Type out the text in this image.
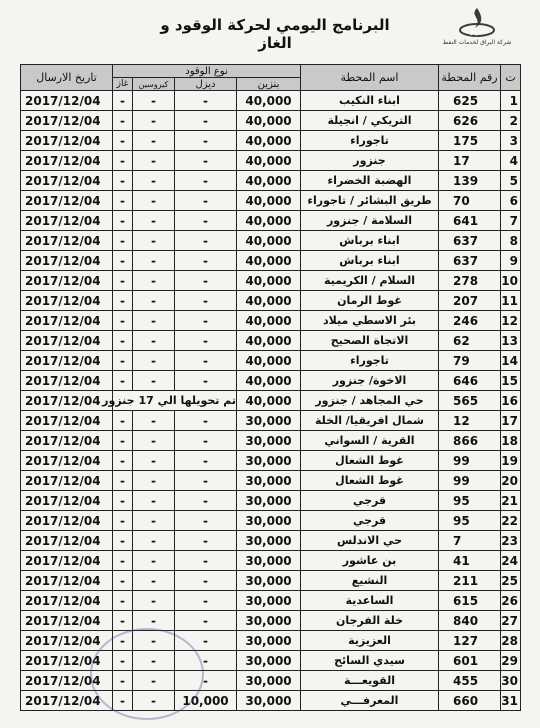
البراق
شركة البراق لخدمات النفط
البرنامج اليومي لحركة الوقود و الغاز
ت	رقم المحطة	اسم المحطة	نوع الوقود				تاريخ الارسال
			بنزين	ديزل	كيروسين	غاز	
1	625	ابناء النكيب	40,000	-	-	-	2017/12/04
2	626	التريكي / انجيلة	40,000	-	-	-	2017/12/04
3	175	تاجوراء	40,000	-	-	-	2017/12/04
4	17	جنزور	40,000	-	-	-	2017/12/04
5	139	الهضبة الخضراء	40,000	-	-	-	2017/12/04
6	70	طريق البشائر / تاجوراء	40,000	-	-	-	2017/12/04
7	641	السلامة / جنزور	40,000	-	-	-	2017/12/04
8	637	ابناء برباش	40,000	-	-	-	2017/12/04
9	637	ابناء برباش	40,000	-	-	-	2017/12/04
10	278	السلام / الكريمية	40,000	-	-	-	2017/12/04
11	207	غوط الرمان	40,000	-	-	-	2017/12/04
12	246	بئر الاسطي ميلاد	40,000	-	-	-	2017/12/04
13	62	الاتجاة الصحيح	40,000	-	-	-	2017/12/04
14	79	تاجوراء	40,000	-	-	-	2017/12/04
15	646	الاخوة/ جنزور	40,000	-	-	-	2017/12/04
16	565	حي المجاهد / جنزور	40,000	تم تحويلها الي 17 جنزور			2017/12/04
17	12	شمال افريقيا/ الخلة	30,000	-	-	-	2017/12/04
18	866	القرية / السواني	30,000	-	-	-	2017/12/04
19	99	غوط الشعال	30,000	-	-	-	2017/12/04
20	99	غوط الشعال	30,000	-	-	-	2017/12/04
21	95	قرجي	30,000	-	-	-	2017/12/04
22	95	قرجي	30,000	-	-	-	2017/12/04
23	7	حي الاندلس	30,000	-	-	-	2017/12/04
24	41	بن عاشور	30,000	-	-	-	2017/12/04
25	211	النشيع	30,000	-	-	-	2017/12/04
26	615	الساعدية	30,000	-	-	-	2017/12/04
27	840	خلة الفرجان	30,000	-	-	-	2017/12/04
28	127	العزيزية	30,000	-	-	-	2017/12/04
29	601	سيدي السائح	30,000	-	-	-	2017/12/04
30	455	القويعـــة	30,000	-	-	-	2017/12/04
31	660	المعرفـــي	30,000	10,000	-	-	2017/12/04
